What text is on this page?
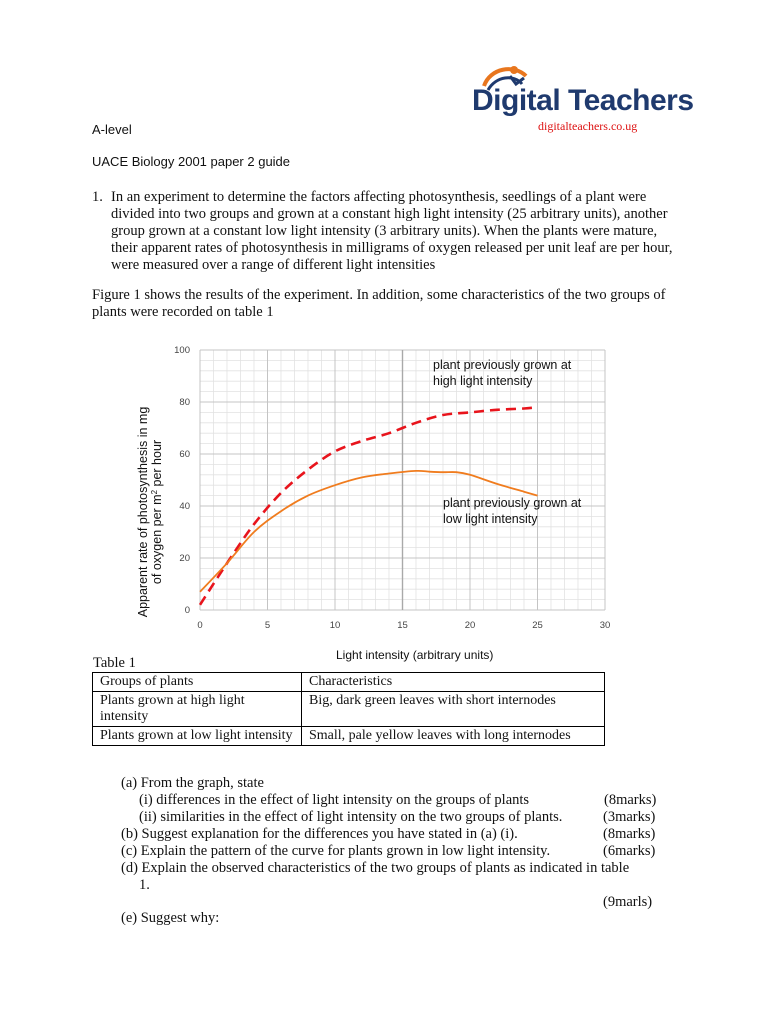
Digital Teachers
digitalteachers.co.ug
A-level
UACE Biology 2001 paper 2 guide
1. In an experiment to determine the factors affecting photosynthesis, seedlings of a plant were divided into two groups and grown at a constant high light intensity (25 arbitrary units), another group grown at a constant low light intensity (3 arbitrary units). When the plants were mature, their apparent rates of photosynthesis in milligrams of oxygen released per unit leaf are per hour, were measured over a range of different light intensities
Figure 1 shows the results of the experiment. In addition, some characteristics of the two groups of plants were recorded on table 1
0	5	10	15	20	25	30
0
20
40
60
80
100
Apparent rate of photosynthesis in mg of oxygen per $m^2$ per hour
Light intensity (arbitrary units)
plant previously grown at
high light intensity
plant previously grown at
low light intensity
Table 1
Groups of plants	Characteristics
Plants grown at high light intensity	Big, dark green leaves with short internodes
Plants grown at low light intensity	Small, pale yellow leaves with long internodes
(a) From the graph, state
(i) differences in the effect of light intensity on the groups of plants	(8marks)
(ii) similarities in the effect of light intensity on the two groups of plants.	(3marks)
(b) Suggest explanation for the differences you have stated in (a) (i).	(8marks)
(c) Explain the pattern of the curve for plants grown in low light intensity.	(6marks)
(d) Explain the observed characteristics of the two groups of plants as indicated in table
1.
(9marls)
(e) Suggest why:
